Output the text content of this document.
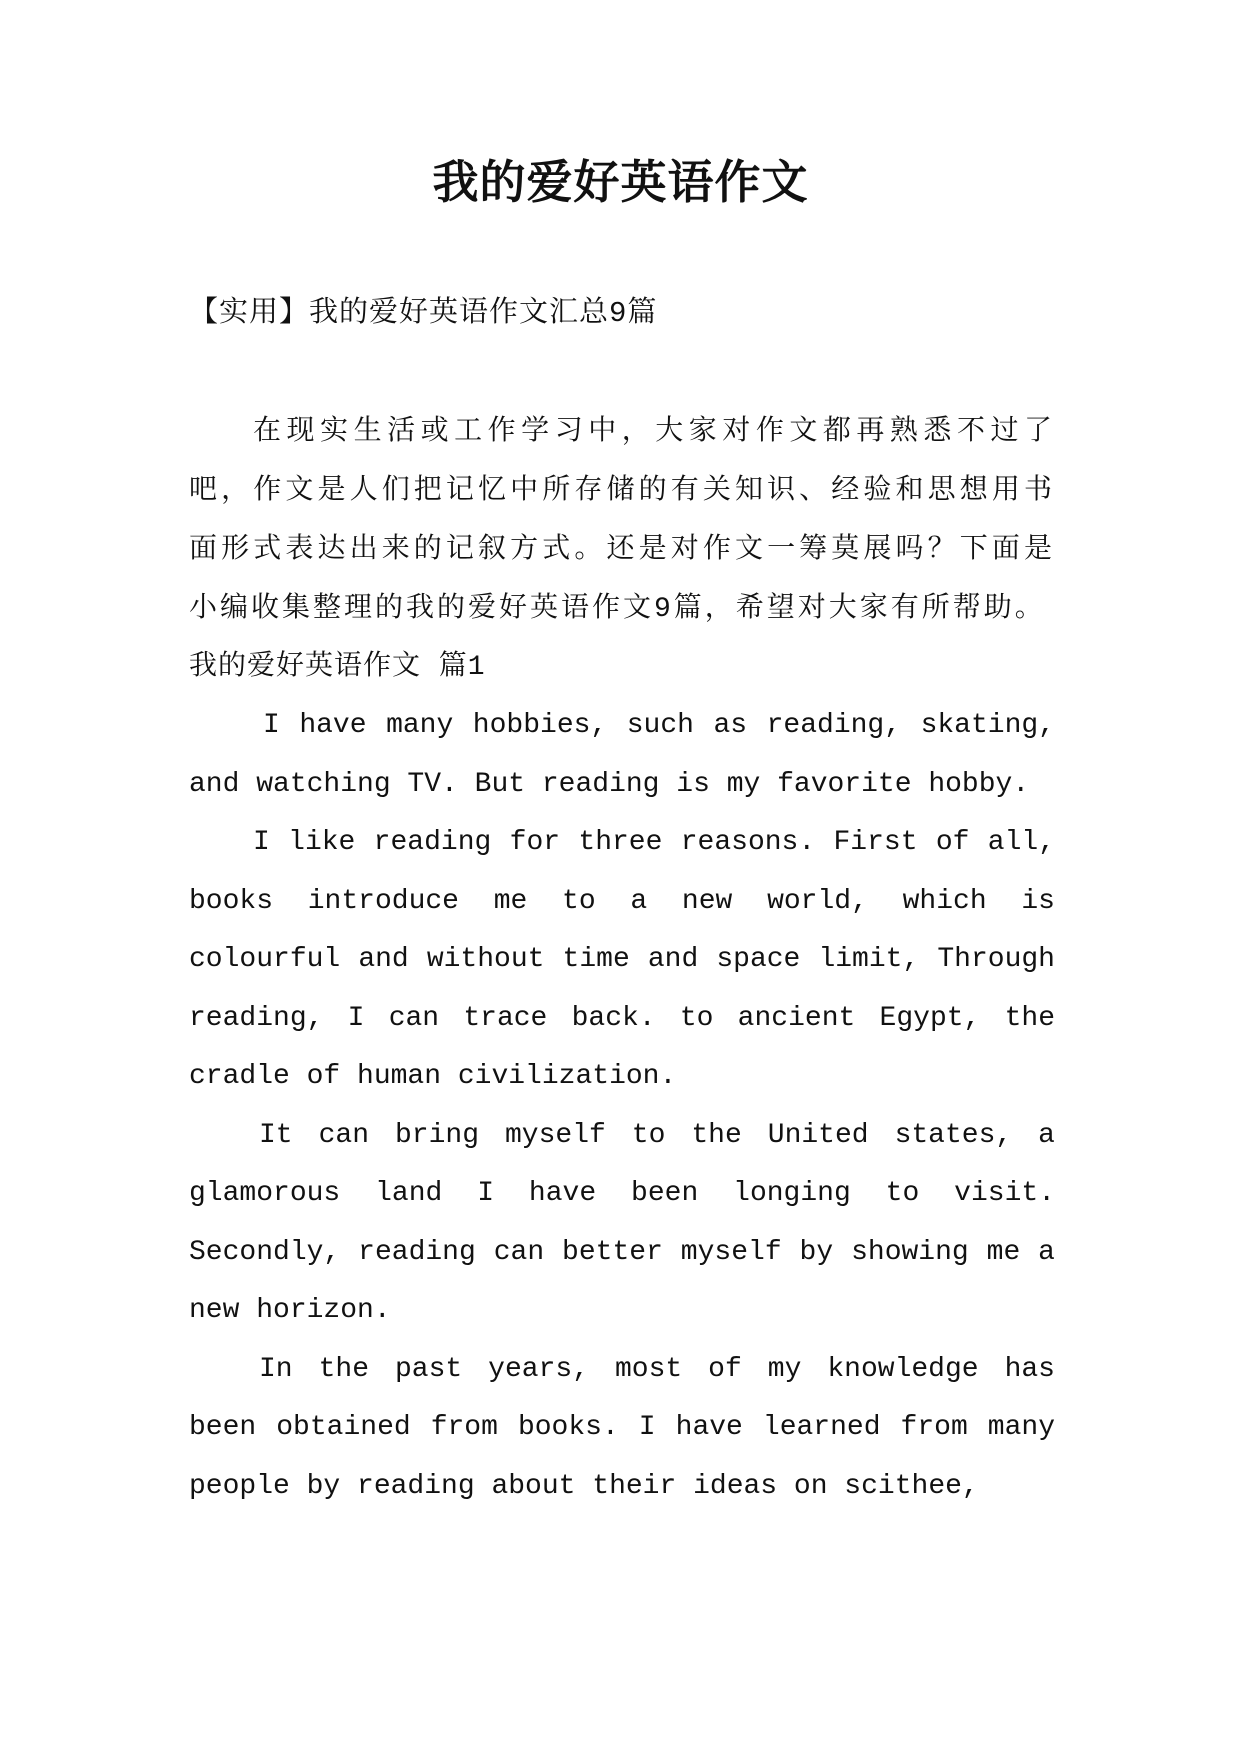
我的爱好英语作文

【实用】我的爱好英语作文汇总9篇

在现实生活或工作学习中，大家对作文都再熟悉不过了吧，作文是人们把记忆中所存储的有关知识、经验和思想用书面形式表达出来的记叙方式。还是对作文一筹莫展吗？下面是小编收集整理的我的爱好英语作文9篇，希望对大家有所帮助。

我的爱好英语作文 篇1

I have many hobbies, such as reading, skating, and watching TV. But reading is my favorite hobby.

I like reading for three reasons. First of all, books introduce me to a new world, which is colourful and without time and space limit, Through reading, I can trace back. to ancient Egypt, the cradle of human civilization.

It can bring myself to the United states, a glamorous land I have been longing to visit. Secondly, reading can better myself by showing me a new horizon.

In the past years, most of my knowledge has been obtained from books. I have learned from many people by reading about their ideas on scithee,
